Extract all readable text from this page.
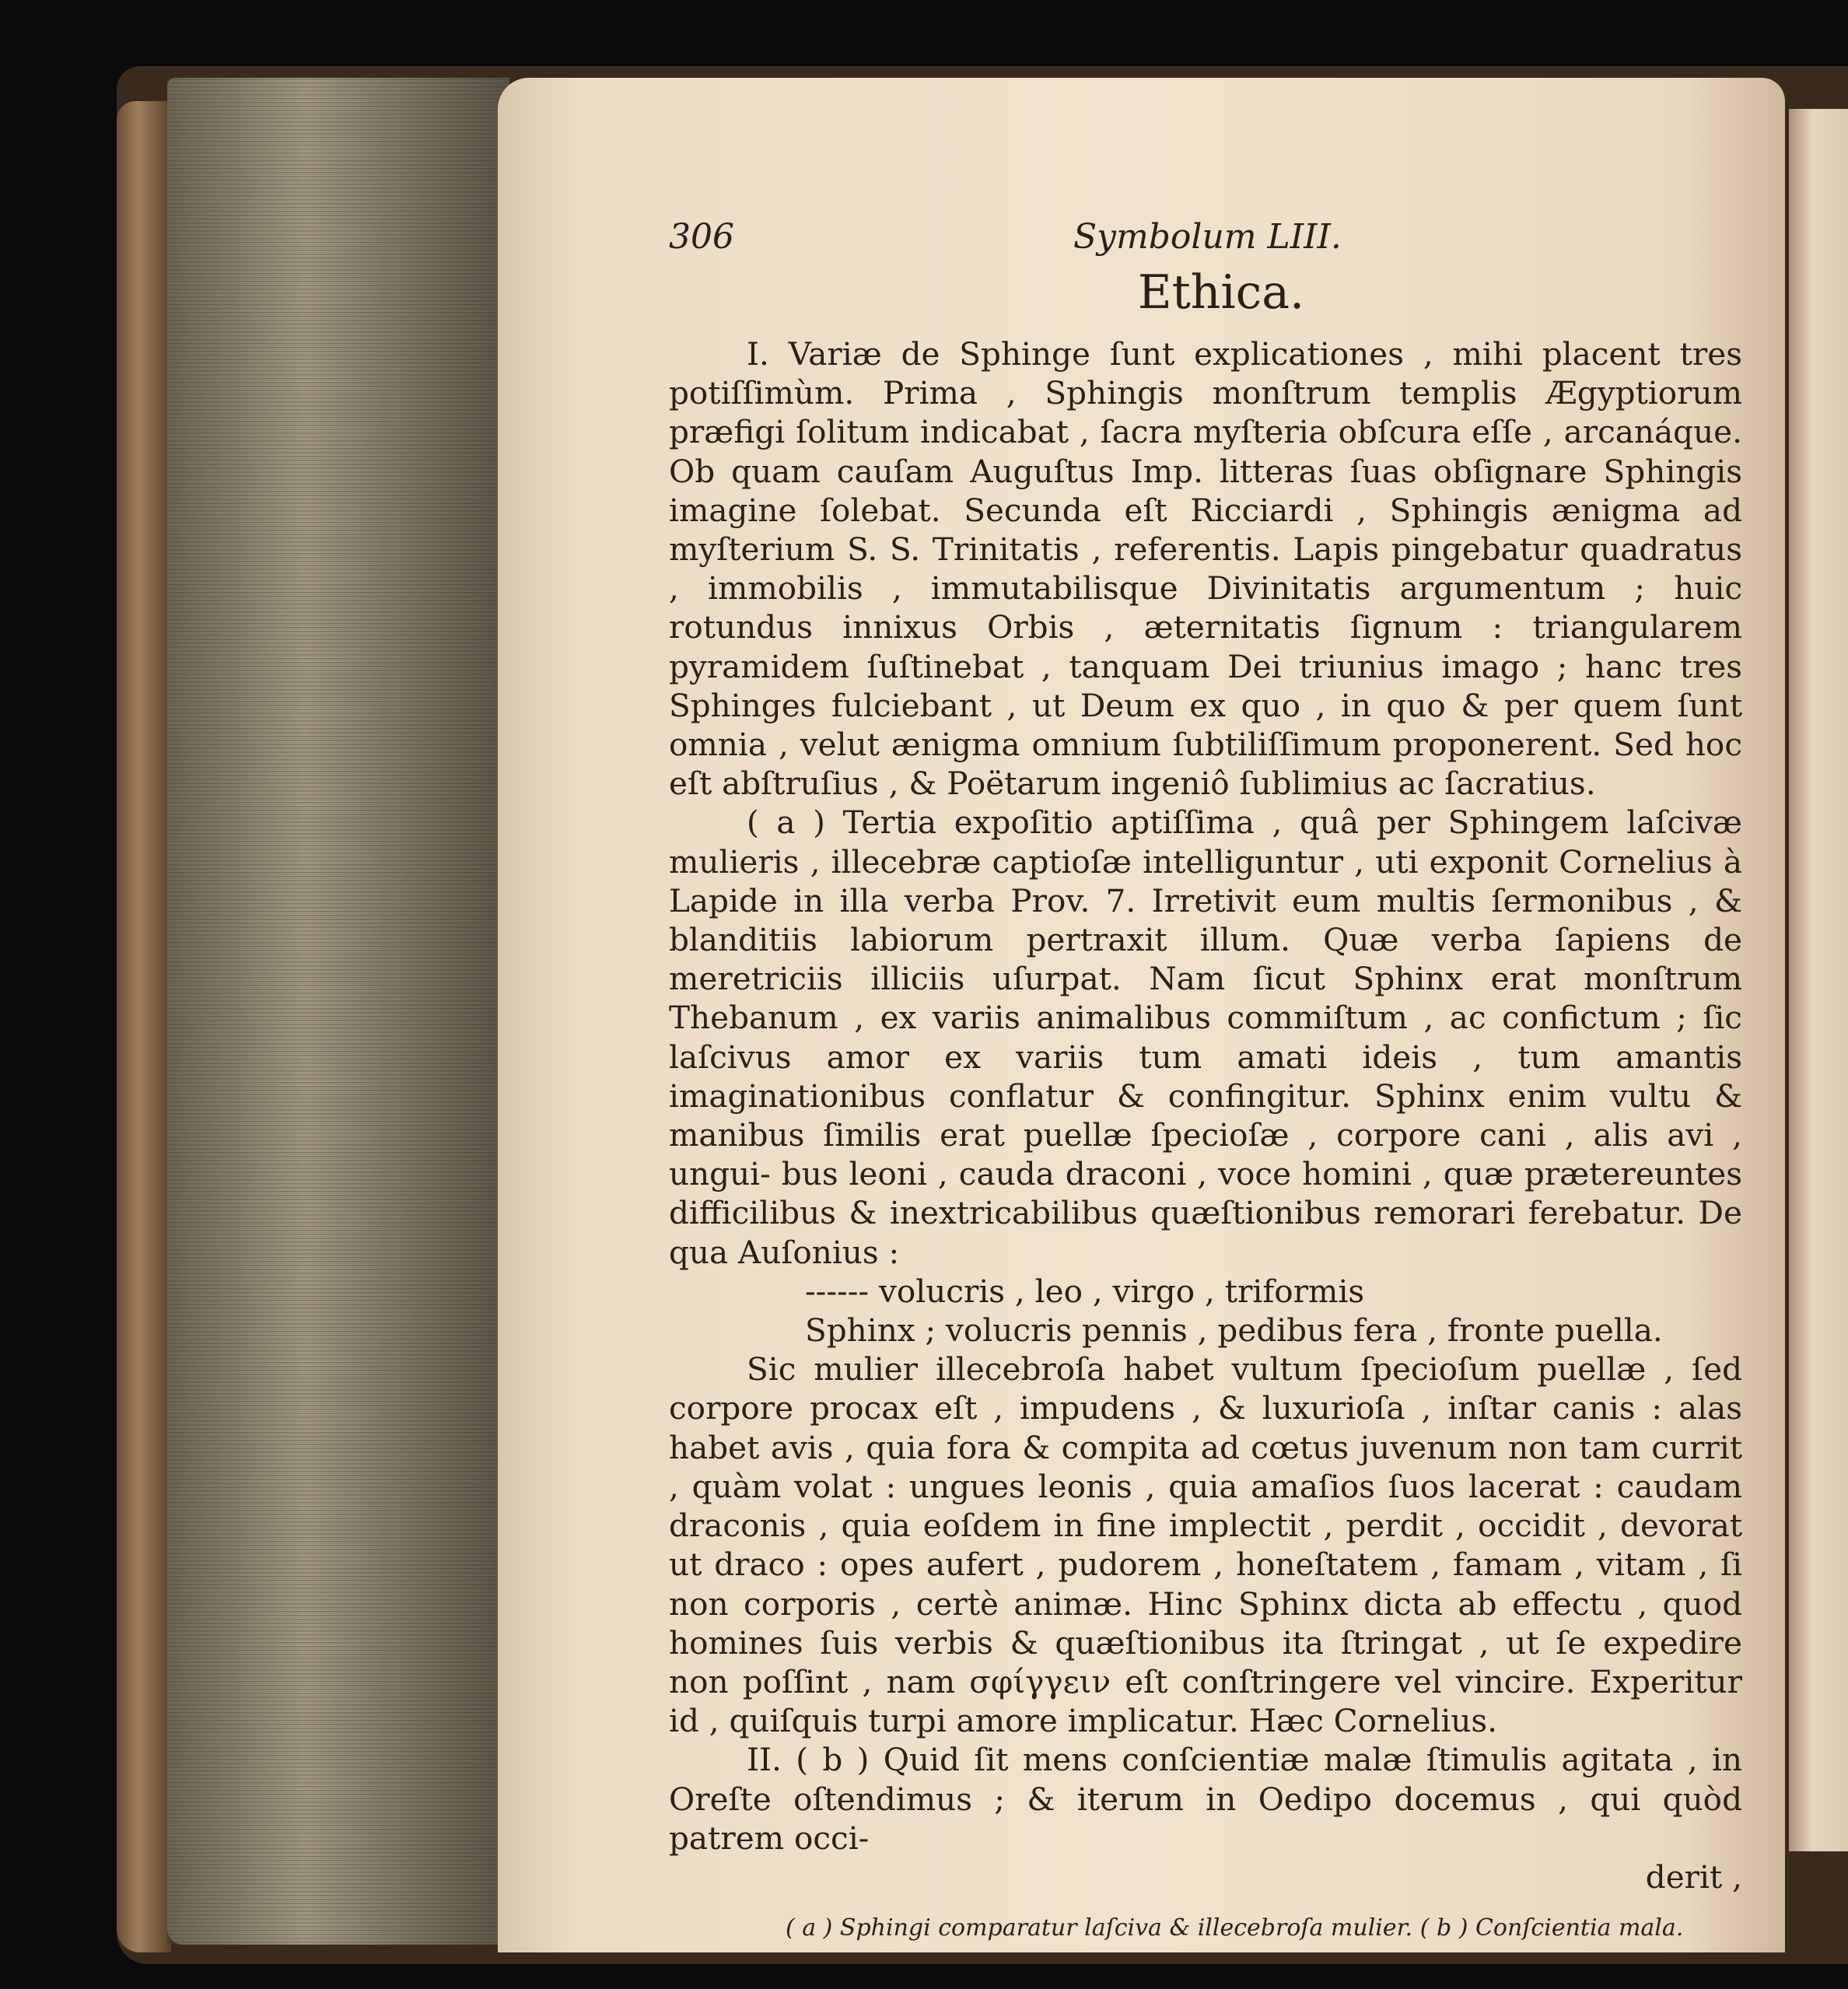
306	Symbolum LIII.
Ethica.

I. Variæ de Sphinge ſunt explicationes , mihi placent tres potiſſimùm. Prima , Sphingis monſtrum templis Ægyptiorum præfigi ſolitum indicabat , ſacra myſteria obſcura eſſe , arcanáque. Ob quam cauſam Auguſtus Imp. litteras ſuas obſignare Sphingis imagine ſolebat. Secunda eſt Ricciardi , Sphingis ænigma ad myſterium S. S. Trinitatis , referentis. Lapis pingebatur quadratus , immobilis , immutabilisque Divinitatis argumentum ; huic rotundus innixus Orbis , æternitatis ſignum : triangularem pyramidem ſuſtinebat , tanquam Dei triunius imago ; hanc tres Sphinges fulciebant , ut Deum ex quo , in quo & per quem ſunt omnia , velut ænigma omnium ſubtiliſſimum proponerent. Sed hoc eſt abſtruſius , & Poëtarum ingeniô ſublimius ac ſacratius.

( a ) Tertia expoſitio aptiſſima , quâ per Sphingem laſcivæ mulieris , illecebræ captioſæ intelliguntur , uti exponit Cornelius à Lapide in illa verba Prov. 7. Irretivit eum multis ſermonibus , & blanditiis labiorum pertraxit illum. Quæ verba ſapiens de meretriciis illiciis uſurpat. Nam ſicut Sphinx erat monſtrum Thebanum , ex variis animalibus commiſtum , ac confictum ; ſic laſcivus amor ex variis tum amati ideis , tum amantis imaginationibus conflatur & confingitur. Sphinx enim vultu & manibus ſimilis erat puellæ ſpecioſæ , corpore cani , alis avi , ungui- bus leoni , cauda draconi , voce homini , quæ prætereuntes difficilibus & inextricabilibus quæſtionibus remorari ferebatur. De qua Auſonius :

------ volucris , leo , virgo , triformis

Sphinx ; volucris pennis , pedibus fera , fronte puella.

Sic mulier illecebroſa habet vultum ſpecioſum puellæ , ſed corpore procax eſt , impudens , & luxurioſa , inſtar canis : alas habet avis , quia fora & compita ad cœtus juvenum non tam currit , quàm volat : ungues leonis , quia amaſios ſuos lacerat : caudam draconis , quia eoſdem in fine implectit , perdit , occidit , devorat ut draco : opes aufert , pudorem , honeſtatem , famam , vitam , ſi non corporis , certè animæ. Hinc Sphinx dicta ab effectu , quod homines ſuis verbis & quæſtionibus ita ſtringat , ut ſe expedire non poſſint , nam σφίγγειν eſt conſtringere vel vincire. Experitur id , quiſquis turpi amore implicatur. Hæc Cornelius.

II. ( b ) Quid ſit mens conſcientiæ malæ ſtimulis agitata , in Oreſte oſtendimus ; & iterum in Oedipo docemus , qui quòd patrem occi-

derit ,

( a ) Sphingi comparatur laſciva & illecebroſa mulier. ( b ) Conſcientia mala.
